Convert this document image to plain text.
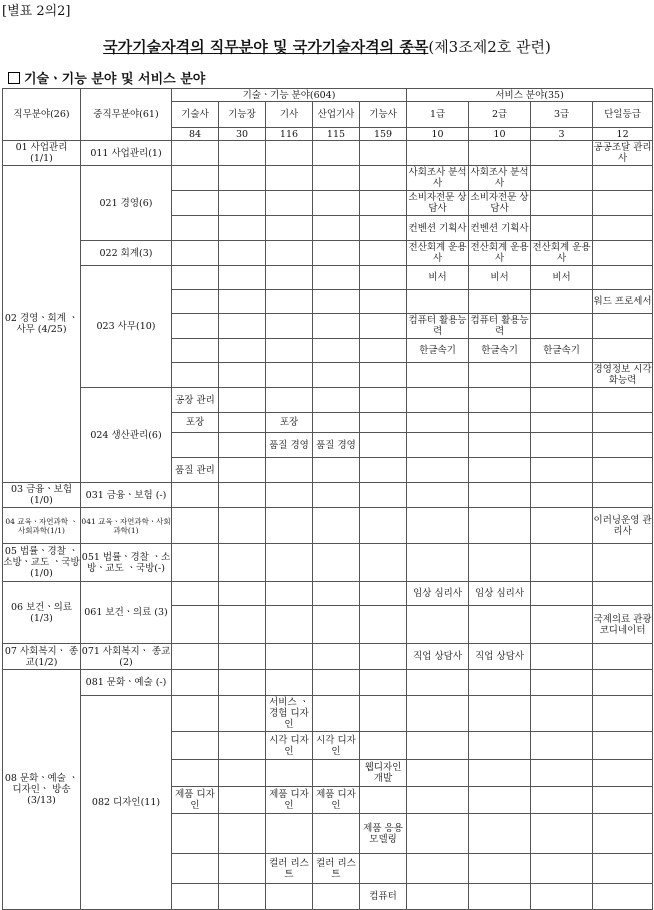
[별표 2의2]
국가기술자격의 직무분야 및 국가기술자격의 종목(제3조제2호 관련)
기술ㆍ기능 분야 및 서비스 분야
직무분야(26)	중직무분야(61)	기술ㆍ기능 분야(604)					서비스 분야(35)			
		기술사	기능장	기사	산업기사	기능사	1급	2급	3급	단일등급
		84	30	116	115	159	10	10	3	12
01 사업관리 (1/1)	011 사업관리(1)									공공조달 관리사
02 경영ㆍ회계 ㆍ사무 (4/25)	021 경영(6)						사회조사 분석사	사회조사 분석사		
							소비자전문 상담사	소비자전문 상담사		
							컨벤션 기획사	컨벤션 기획사		
	022 회계(3)						전산회계 운용사	전산회계 운용사	전산회계 운용사	
	023 사무(10)						비서	비서	비서	
										워드 프로세서
							컴퓨터 활용능력	컴퓨터 활용능력		
							한글속기	한글속기	한글속기	
										경영정보 시각화능력
	024 생산관리(6)	공장 관리								
		포장		포장						
				품질 경영	품질 경영					
		품질 관리								
03 금융ㆍ보험 (1/0)	031 금융ㆍ보험 (-)									
04 교육ㆍ자연과학 ㆍ사회과학(1/1)	041 교육ㆍ자연과학ㆍ사회과학(1)									이러닝운영 관리사
05 법률ㆍ경찰 ㆍ소방ㆍ교도 ㆍ국방(1/0)	051 법률ㆍ경찰 ㆍ소방ㆍ교도 ㆍ국방(-)									
06 보건ㆍ의료 (1/3)	061 보건ㆍ의료 (3)						임상 심리사	임상 심리사		
										국제의료 관광 코디네이터
07 사회복지ㆍ 종교(1/2)	071 사회복지ㆍ 종교(2)						직업 상담사	직업 상담사		
08 문화ㆍ예술 ㆍ디자인ㆍ 방송(3/13)	081 문화ㆍ예술 (-)									
	082 디자인(11)			서비스 ㆍ경험 디자인						
				시각 디자인	시각 디자인					
						웹디자인 개발				
		제품 디자인		제품 디자인	제품 디자인					
						제품 응용 모델링				
				컬러 리스트	컬러 리스트					
						컴퓨터				
